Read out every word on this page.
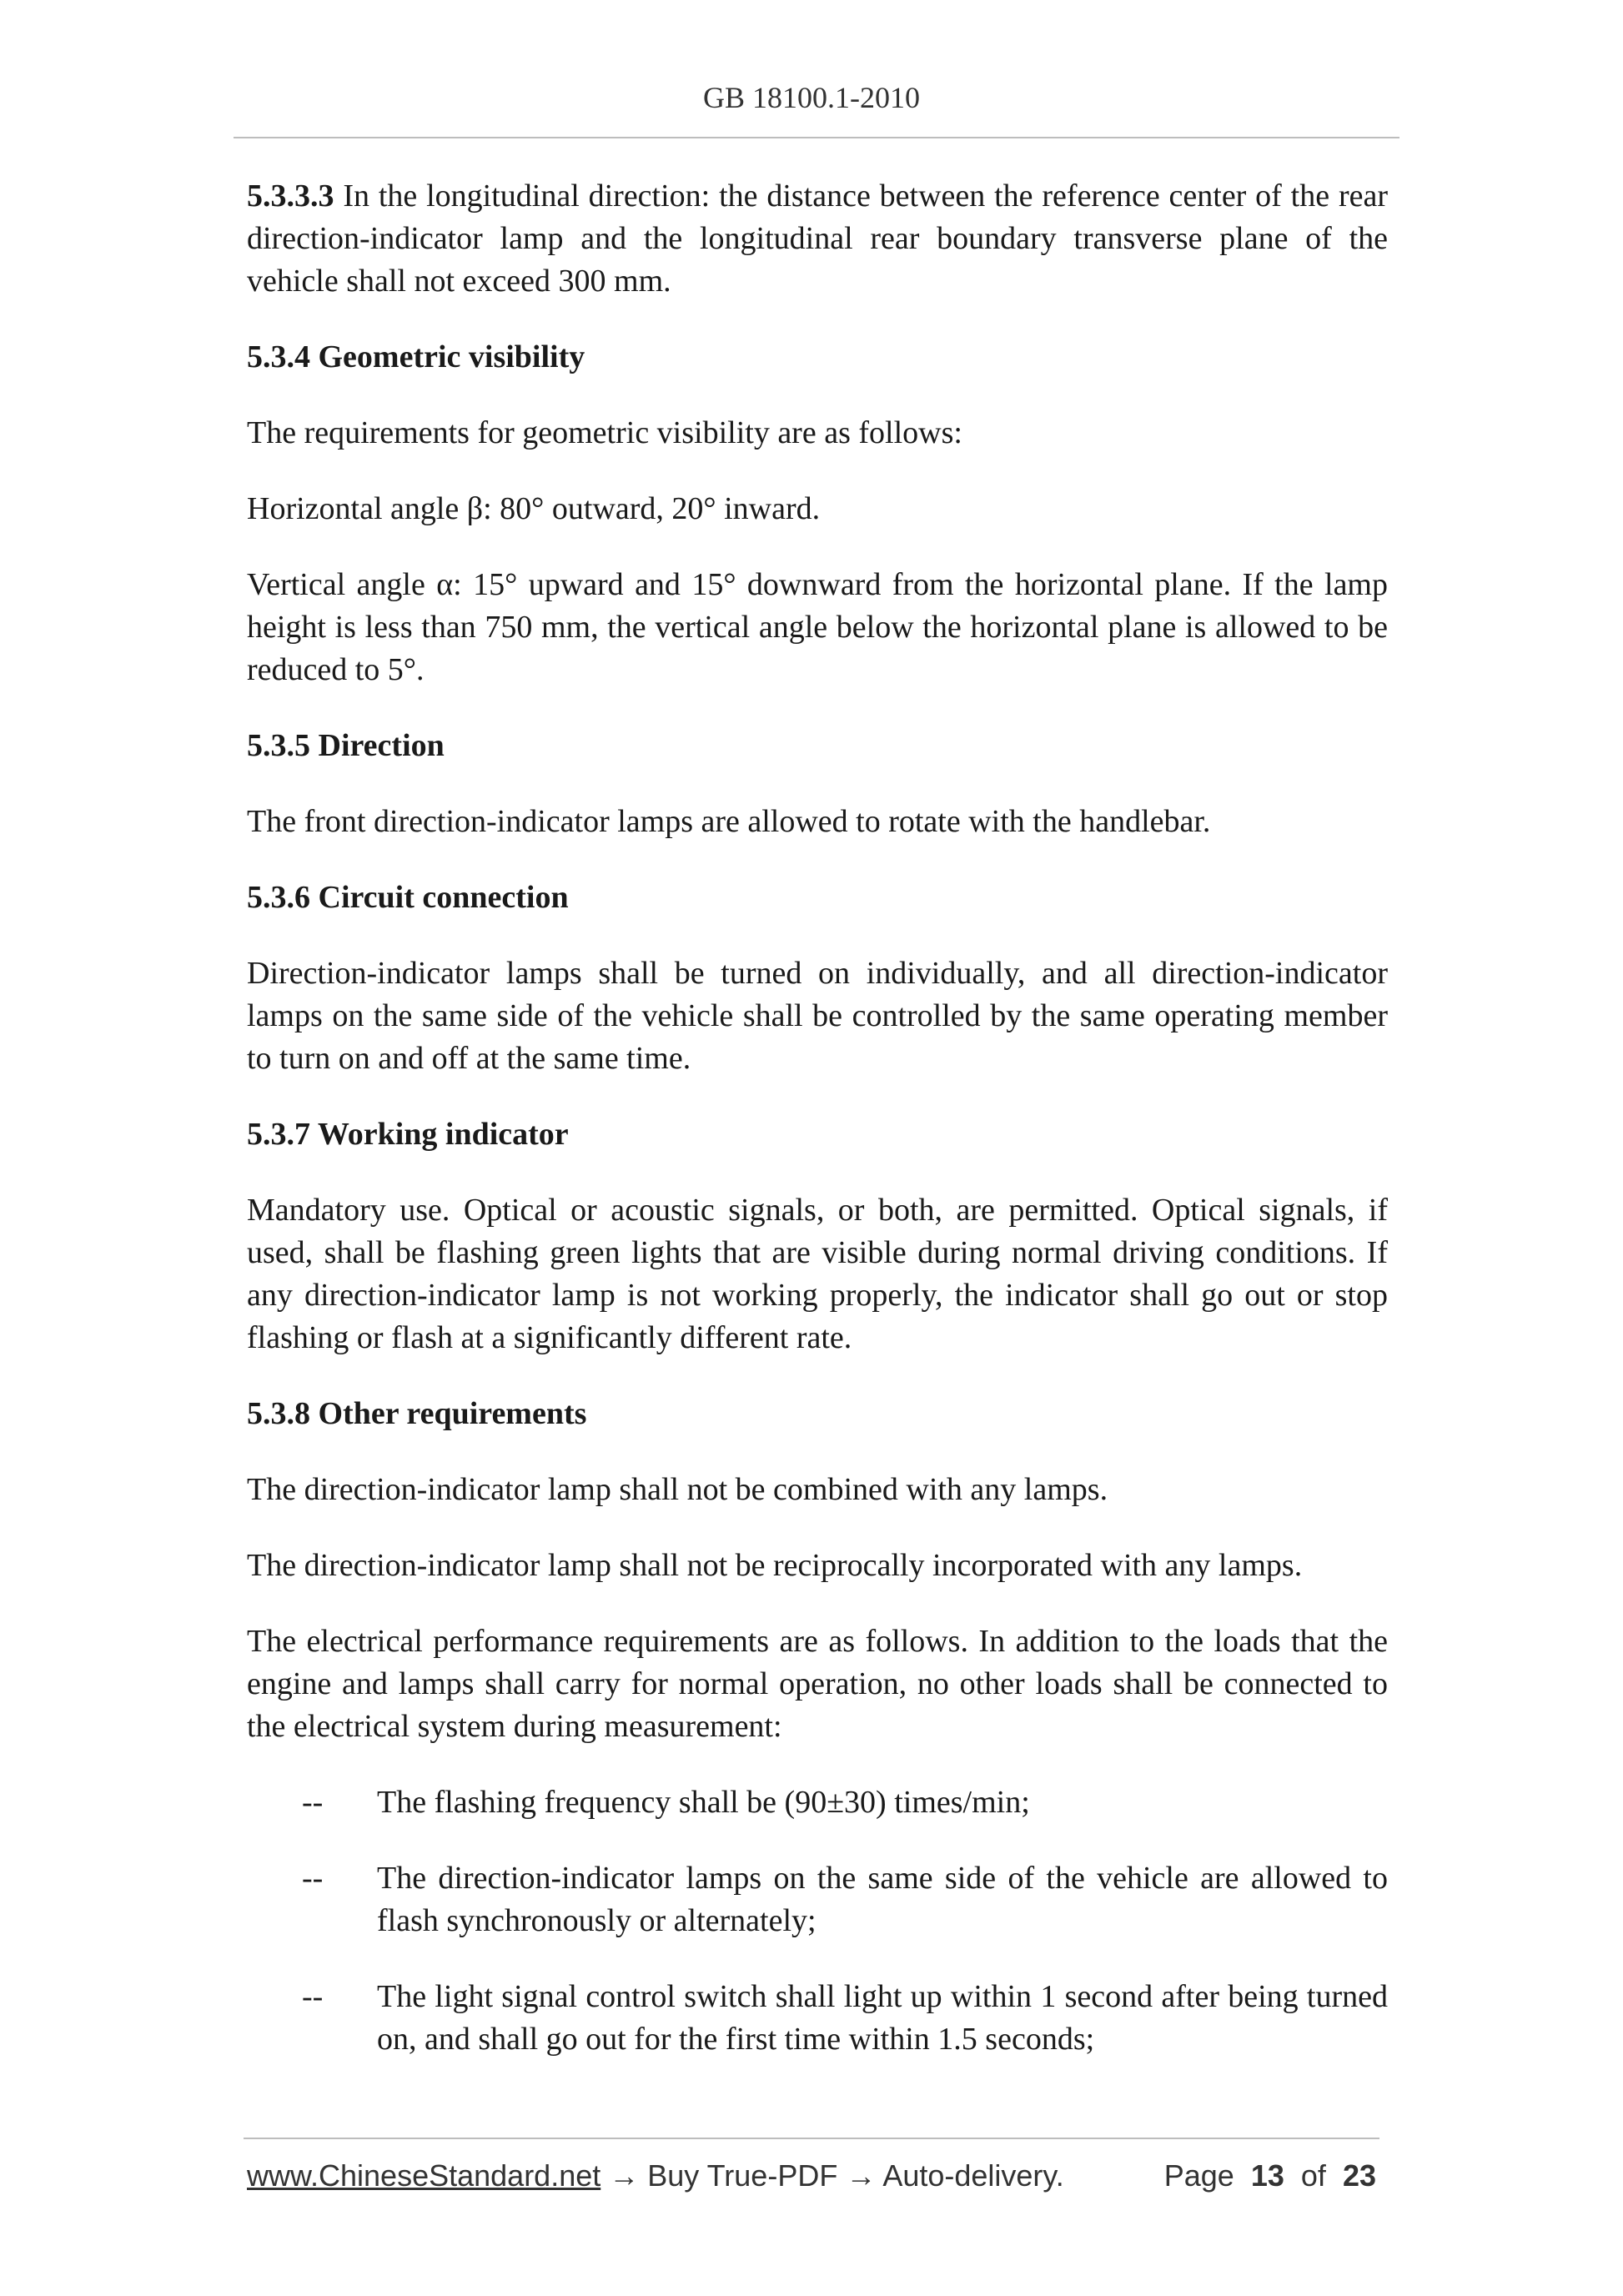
GB 18100.1-2010

5.3.3.3 In the longitudinal direction: the distance between the reference center of the rear direction-indicator lamp and the longitudinal rear boundary transverse plane of the vehicle shall not exceed 300 mm.

5.3.4 Geometric visibility

The requirements for geometric visibility are as follows:

Horizontal angle β: 80° outward, 20° inward.

Vertical angle α: 15° upward and 15° downward from the horizontal plane. If the lamp height is less than 750 mm, the vertical angle below the horizontal plane is allowed to be reduced to 5°.

5.3.5 Direction

The front direction-indicator lamps are allowed to rotate with the handlebar.

5.3.6 Circuit connection

Direction-indicator lamps shall be turned on individually, and all direction-indicator lamps on the same side of the vehicle shall be controlled by the same operating member to turn on and off at the same time.

5.3.7 Working indicator

Mandatory use. Optical or acoustic signals, or both, are permitted. Optical signals, if used, shall be flashing green lights that are visible during normal driving conditions. If any direction-indicator lamp is not working properly, the indicator shall go out or stop flashing or flash at a significantly different rate.

5.3.8 Other requirements

The direction-indicator lamp shall not be combined with any lamps.

The direction-indicator lamp shall not be reciprocally incorporated with any lamps.

The electrical performance requirements are as follows. In addition to the loads that the engine and lamps shall carry for normal operation, no other loads shall be connected to the electrical system during measurement:

--	The flashing frequency shall be (90±30) times/min;
--	The direction-indicator lamps on the same side of the vehicle are allowed to flash synchronously or alternately;
--	The light signal control switch shall light up within 1 second after being turned on, and shall go out for the first time within 1.5 seconds;
www.ChineseStandard.net → Buy True-PDF → Auto-delivery.	Page 13 of 23
